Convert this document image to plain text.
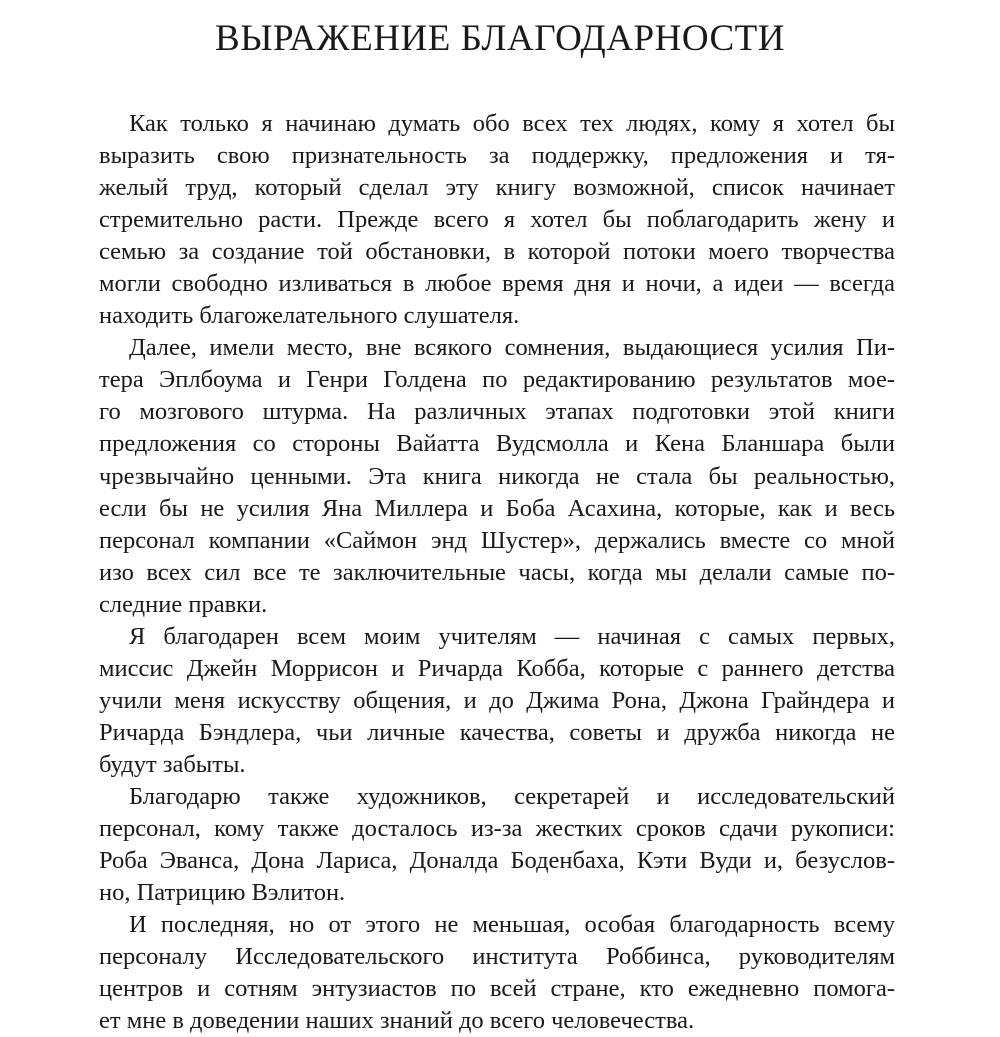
ВЫРАЖЕНИЕ БЛАГОДАРНОСТИ
Как только я начинаю думать обо всех тех людях, кому я хотел бы
выразить свою признательность за поддержку, предложения и тя-
желый труд, который сделал эту книгу возможной, список начинает
стремительно расти. Прежде всего я хотел бы поблагодарить жену и
семью за создание той обстановки, в которой потоки моего творчества
могли свободно изливаться в любое время дня и ночи, а идеи — всегда
находить благожелательного слушателя.
Далее, имели место, вне всякого сомнения, выдающиеся усилия Пи-
тера Эплбоума и Генри Голдена по редактированию результатов мое-
го мозгового штурма. На различных этапах подготовки этой книги
предложения со стороны Вайатта Вудсмолла и Кена Бланшара были
чрезвычайно ценными. Эта книга никогда не стала бы реальностью,
если бы не усилия Яна Миллера и Боба Асахина, которые, как и весь
персонал компании «Саймон энд Шустер», держались вместе со мной
изо всех сил все те заключительные часы, когда мы делали самые по-
следние правки.
Я благодарен всем моим учителям — начиная с самых первых,
миссис Джейн Моррисон и Ричарда Кобба, которые с раннего детства
учили меня искусству общения, и до Джима Рона, Джона Грайндера и
Ричарда Бэндлера, чьи личные качества, советы и дружба никогда не
будут забыты.
Благодарю также художников, секретарей и исследовательский
персонал, кому также досталось из-за жестких сроков сдачи рукописи:
Роба Эванса, Дона Лариса, Доналда Боденбаха, Кэти Вуди и, безуслов-
но, Патрицию Вэлитон.
И последняя, но от этого не меньшая, особая благодарность всему
персоналу Исследовательского института Роббинса, руководителям
центров и сотням энтузиастов по всей стране, кто ежедневно помога-
ет мне в доведении наших знаний до всего человечества.
